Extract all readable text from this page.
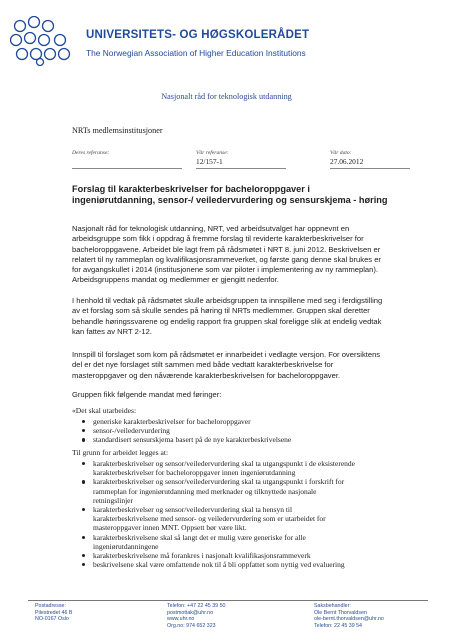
UNIVERSITETS- OG HØGSKOLERÅDET
The Norwegian Association of Higher Education Institutions
Nasjonalt råd for teknologisk utdanning
NRTs medlemsinstitusjoner
Deres referanse:	Vår referanse:
12/157-1
Vår dato:
27.06.2012
Forslag til karakterbeskrivelser for bacheloroppgaver i
ingeniørutdanning, sensor-/ veiledervurdering og sensurskjema - høring
Nasjonalt råd for teknologisk utdanning, NRT, ved arbeidsutvalget har oppnevnt en
arbeidsgruppe som fikk i oppdrag å fremme forslag til reviderte karakterbeskrivelser for
bacheloroppgavene. Arbeidet ble lagt frem på rådsmøtet i NRT 8. juni 2012. Beskrivelsen er
relatert til ny rammeplan og kvalifikasjonsrammeverket, og første gang denne skal brukes er
for avgangskullet i 2014 (institusjonene som var piloter i implementering av ny rammeplan).
Arbeidsgruppens mandat og medlemmer er gjengitt nedenfor.
I henhold til vedtak på rådsmøtet skulle arbeidsgruppen ta innspillene med seg i ferdigstilling
av et forslag som så skulle sendes på høring til NRTs medlemmer. Gruppen skal deretter
behandle høringssvarene og endelig rapport fra gruppen skal foreligge slik at endelig vedtak
kan fattes av NRT 2-12.
Innspill til forslaget som kom på rådsmøtet er innarbeidet i vedlagte versjon. For oversiktens
del er det nye forslaget stilt sammen med både vedtatt karakterbeskrivelse for
masteroppgaver og den nåværende karakterbeskrivelsen for bacheloroppgaver.
Gruppen fikk følgende mandat med føringer:
«Det skal utarbeides:
generiske karakterbeskrivelser for bacheloroppgaver
sensor-/veiledervurdering
standardisert sensurskjema basert på de nye karakterbeskrivelsene
Til grunn for arbeidet legges at:
karakterbeskrivelser og sensor/veiledervurdering skal ta utgangspunkt i de eksisterende
karakterbeskrivelser for bacheloroppgaver innen ingeniørutdanning
karakterbeskrivelser og sensor/veiledervurdering skal ta utgangspunkt i forskrift for
rammeplan for ingeniørutdanning med merknader og tilknyttede nasjonale
retningslinjer
karakterbeskrivelser og sensor/veiledervurdering skal ta hensyn til
karakterbeskrivelsene med sensor- og veiledervurdering som er utarbeidet for
masteroppgaver innen MNT. Oppsett bør være likt.
karakterbeskrivelsene skal så langt det er mulig være generiske for alle
ingeniørutdanningene
karakterbeskrivelsene må forankres i nasjonalt kvalifikasjonsrammeverk
beskrivelsene skal være omfattende nok til å bli oppfattet som nyttig ved evaluering
Postadresse:
Pilestredet 46 B
NO-0167 Oslo
Telefon: +47 22 45 39 50
postmottak@uhr.no
www.uhr.no
Org.no: 974 652 323
Saksbehandler:
Ole Bernt Thorvaldsen
ole-bernt.thorvaldsen@uhr.no
Telefon: 22 45 39 54
